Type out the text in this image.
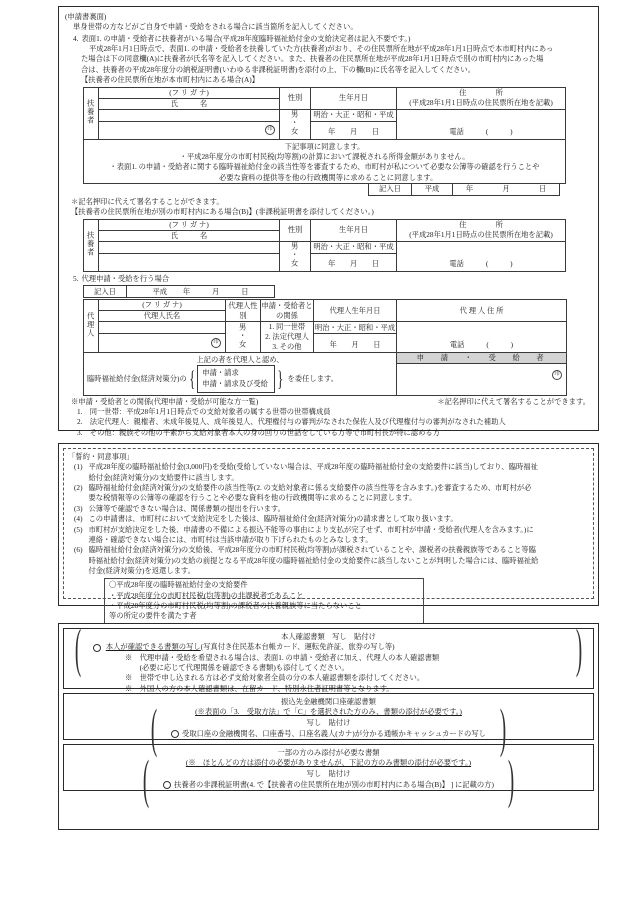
(申請書裏面)
単身世帯の方などがご自身で申請・受給をされる場合に該当箇所を記入してください。
4. 表面1. の申請・受給者に扶養者がいる場合(平成28年度臨時福祉給付金の支給決定者は記入不要です。)
平成28年1月1日時点で、表面1. の申請・受給者を扶養していた方(扶養者)がおり、その住民票所在地が平成28年1月1日時点で本市町村内にあっ
た場合は下の同意欄(A)に扶養者が氏名等を記入してください。また、扶養者の住民票所在地が平成28年1月1日時点で別の市町村内にあった場
合は、扶養者の平成28年度分の納税証明書(いわゆる非課税証明書)を添付の上、下の欄(B)に氏名等を記入してください。
【扶養者の住民票所在地が本市町村内にある場合(A)】
扶養者	(フ リ ガ ナ)	性別	生年月日	住　　　　所
(平成28年1月1日時点の住民票所在地を記載)

	氏　　　名			
		男・女	明治・大正・昭和・平成	電話　　　(　　　)

	印		年　　月　　日	

下記事項に同意します。
・平成28年度分の市町村民税(均等割)の計算において課税される所得金額がありません。
・表面1. の申請・受給者に関する臨時福祉給付金の該当性等を審査するため、市町村が私について必要な公簿等の確認を行うことや
　必要な資料の提供等を他の行政機関等に求めることに同意します。				
記入日	平成	年　　　　月　　　　日
＊記名押印に代えて署名することができます。
【扶養者の住民票所在地が別の市町村内にある場合(B)】(非課税証明書を添付してください。)
扶養者	(フ リ ガ ナ)	性別	生年月日	住　　　　所
(平成28年1月1日時点の住民票所在地を記載)

	氏　　　名			
		男・女	明治・大正・昭和・平成	電話　　　(　　　)

			年　　月　　日	
5. 代理申請・受給を行う場合
記入日	平成 年　　　月　　　日
代理人	(フ リ ガ ナ)	代理人性別	申請・受給者との関係	代理人生年月日	代 理 人 住 所
	代理人氏名				
		男・女	1. 同一世帯
2. 法定代理人
3. その他	明治・大正・昭和・平成	電話　　　(　　　)

	印			年　　月　　日	

上記の者を代理人と認め、
臨時福祉給付金(経済対策分)の { 申請・請求
申請・請求及び受給 } を委任します。

申 　請 　・ 　受 　給 　者
印
※申請・受給者との関係(代理申請・受給が可能な方一覧)	＊記名押印に代えて署名することができます。
1.　同一世帯：平成28年1月1日時点での支給対象者の属する世帯の世帯構成員
2.　法定代理人：親権者、未成年後見人、成年後見人、代理権付与の審判がなされた保佐人及び代理権付与の審判がなされた補助人
3.　その他：親族その他の平素から支給対象者本人の身の回りの世話をしている方等で市町村長が特に認める方
「誓約・同意事項」
(1) 平成28年度の臨時福祉給付金(3,000円)を受給(受給していない場合は、平成28年度の臨時福祉給付金の支給要件に該当)しており、臨時福祉
給付金(経済対策分)の支給要件に該当します。
(2) 臨時福祉給付金(経済対策分)の支給要件の該当性等(2. の支給対象者に係る支給要件の該当性等を含みます。)を審査するため、市町村が必
要な税情報等の公簿等の確認を行うことや必要な資料を他の行政機関等に求めることに同意します。
(3) 公簿等で確認できない場合は、関係書類の提出を行います。
(4) この申請書は、市町村において支給決定をした後は、臨時福祉給付金(経済対策分)の請求書として取り扱います。
(5) 市町村が支給決定をした後、申請書の不備による振込不能等の事由により支払が完了せず、市町村が申請・受給者(代理人を含みます。)に
連絡・確認できない場合には、市町村は当該申請が取り下げられたものとみなします。
(6) 臨時福祉給付金(経済対策分)の支給後、平成28年度分の市町村民税(均等割)が課税されていることや、課税者の扶養親族等であること等臨
時福祉給付金(経済対策分)の支給の前提となる平成28年度の臨時福祉給付金の支給要件に該当しないことが判明した場合には、臨時福祉給
付金(経済対策分)を返還します。
〇平成28年度の臨時福祉給付金の支給要件
・平成28年度分の市町村民税(均等割)の非課税者であること
・平成28年度分の市町村民税(均等割)の課税者の扶養親族等に当たらないこと
等の所定の要件を満たす者
本人確認書類　写し　貼付け
(	本人が確認できる書類の写し(写真付き住民基本台帳カード、運転免許証、旅券の写し等)
※　代理申請・受給を希望される場合は、表面1. の申請・受給者に加え、代理人の本人確認書類
　　(必要に応じて代理関係を確認できる書類)も添付してください。
※　世帯で申し込まれる方は必ず支給対象者全員の分の本人確認書類を添付してください。
※　外国人の方の本人確認書類は、在留カード、特別永住者証明書等となります。
)
振込先金融機関口座確認書類
(※表面の「3.　受取方法」で「C」を選択された方のみ、書類の添付が必要です。)
写し　貼付け
(	受取口座の金融機関名、口座番号、口座名義人(カナ)が分かる通帳かキャッシュカードの写し )
一部の方のみ添付が必要な書類
(※　ほとんどの方は添付の必要がありませんが、下記の方のみ書類の添付が必要です。)
写し　貼付け
(	扶養者の非課税証明書(4. で【扶養者の住民票所在地が別の市町村内にある場合(B)】 ] に記載の方) )
